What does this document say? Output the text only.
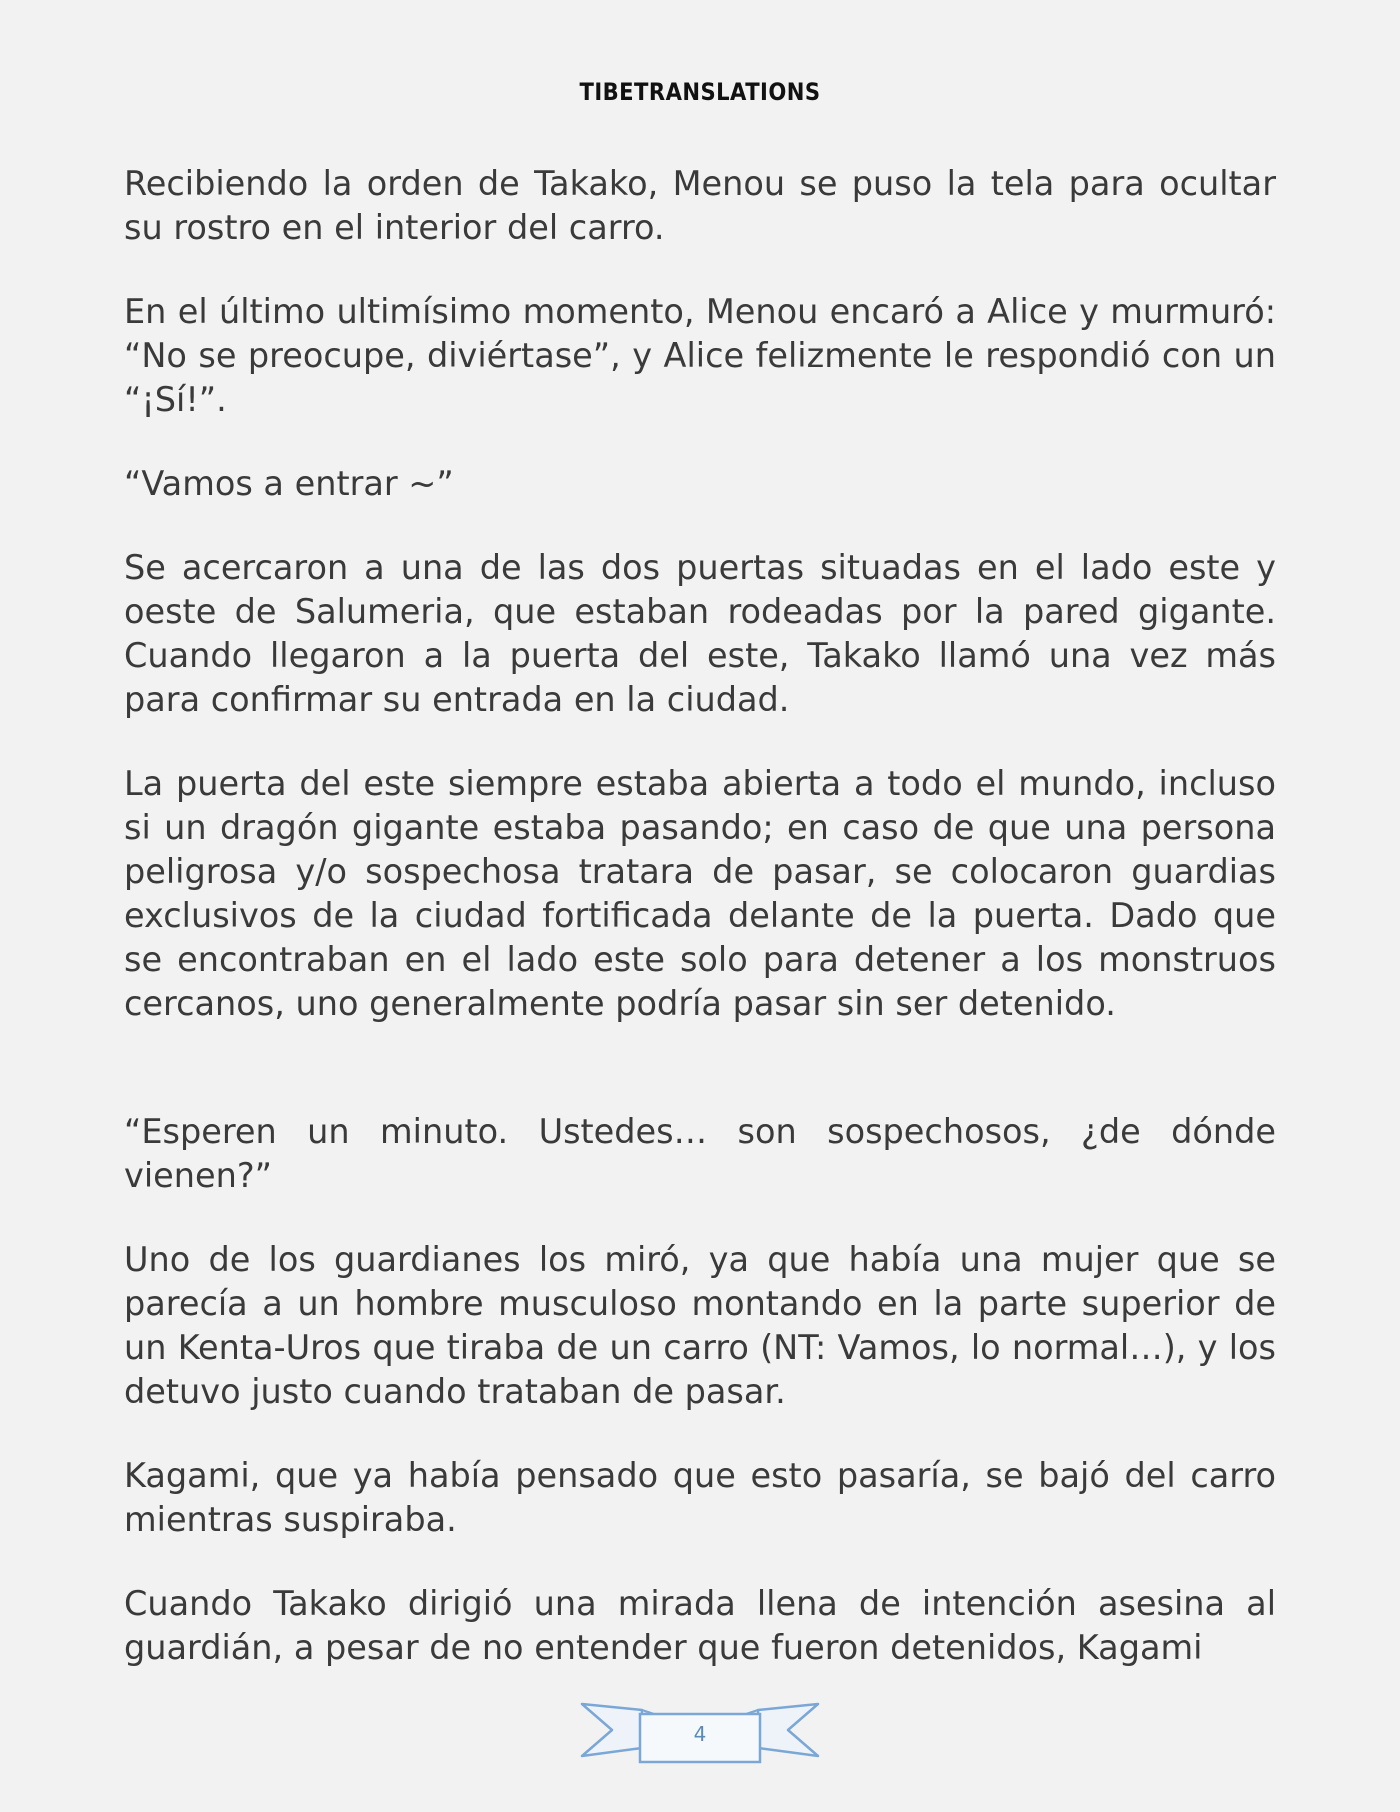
TIBETRANSLATIONS

Recibiendo la orden de Takako, Menou se puso la tela para ocultar su rostro en el interior del carro.

En el último ultimísimo momento, Menou encaró a Alice y murmuró: “No se preocupe, diviértase”, y Alice felizmente le respondió con un “¡Sí!”.

“Vamos a entrar ~”

Se acercaron a una de las dos puertas situadas en el lado este y oeste de Salumeria, que estaban rodeadas por la pared gigante. Cuando llegaron a la puerta del este, Takako llamó una vez más para confirmar su entrada en la ciudad.

La puerta del este siempre estaba abierta a todo el mundo, incluso si un dragón gigante estaba pasando; en caso de que una persona peligrosa y/o sospechosa tratara de pasar, se colocaron guardias exclusivos de la ciudad fortificada delante de la puerta. Dado que se encontraban en el lado este solo para detener a los monstruos cercanos, uno generalmente podría pasar sin ser detenido.

“Esperen un minuto. Ustedes… son sospechosos, ¿de dónde vienen?”

Uno de los guardianes los miró, ya que había una mujer que se parecía a un hombre musculoso montando en la parte superior de un Kenta-Uros que tiraba de un carro (NT: Vamos, lo normal…), y los detuvo justo cuando trataban de pasar.

Kagami, que ya había pensado que esto pasaría, se bajó del carro mientras suspiraba.

Cuando Takako dirigió una mirada llena de intención asesina al guardián, a pesar de no entender que fueron detenidos, Kagami

4
